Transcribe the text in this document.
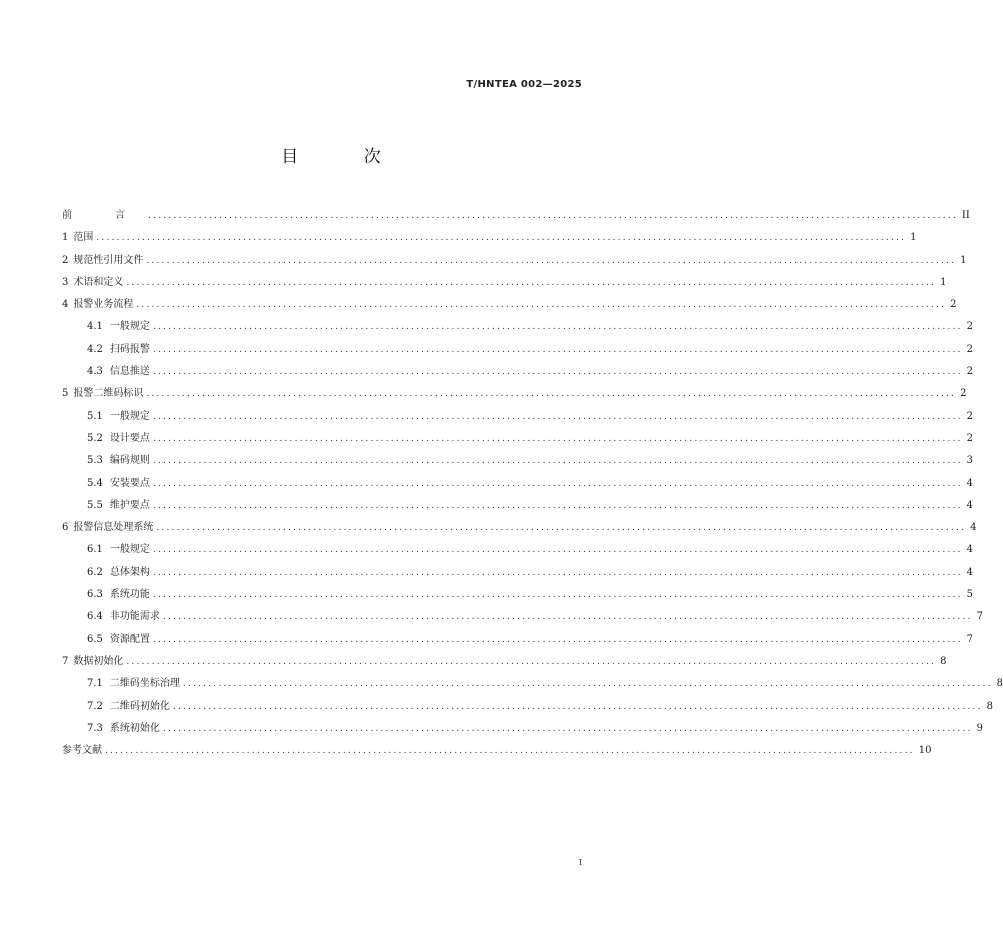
T/HNTEA 002—2025
目 次
前 言 ................................................................................................................................................................ II
1 范围 ................................................................................................................................................................ 1
2 规范性引用文件 ................................................................................................................................................................ 1
3 术语和定义 ................................................................................................................................................................ 1
4 报警业务流程 ................................................................................................................................................................ 2
4.1 一般规定 ................................................................................................................................................................ 2
4.2 扫码报警 ................................................................................................................................................................ 2
4.3 信息推送 ................................................................................................................................................................ 2
5 报警二维码标识 ................................................................................................................................................................ 2
5.1 一般规定 ................................................................................................................................................................ 2
5.2 设计要点 ................................................................................................................................................................ 2
5.3 编码规则 ................................................................................................................................................................ 3
5.4 安装要点 ................................................................................................................................................................ 4
5.5 维护要点 ................................................................................................................................................................ 4
6 报警信息处理系统 ................................................................................................................................................................ 4
6.1 一般规定 ................................................................................................................................................................ 4
6.2 总体架构 ................................................................................................................................................................ 4
6.3 系统功能 ................................................................................................................................................................ 5
6.4 非功能需求 ................................................................................................................................................................ 7
6.5 资源配置 ................................................................................................................................................................ 7
7 数据初始化 ................................................................................................................................................................ 8
7.1 二维码坐标治理 ................................................................................................................................................................ 8
7.2 二维码初始化 ................................................................................................................................................................ 8
7.3 系统初始化 ................................................................................................................................................................ 9
参考文献 ................................................................................................................................................................ 10
I
